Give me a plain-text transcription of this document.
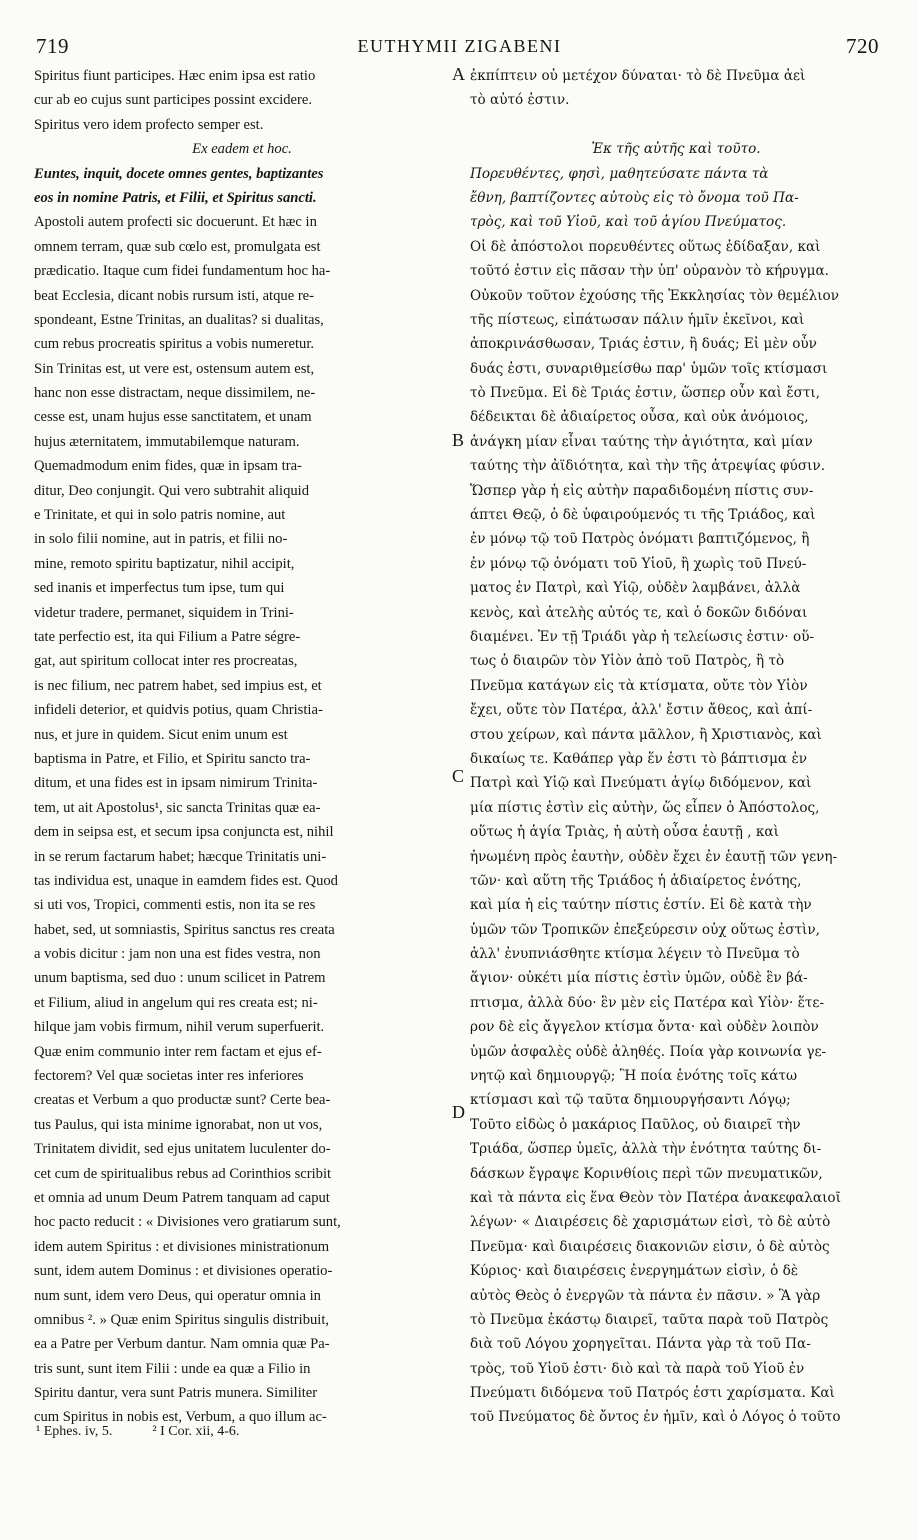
719	EUTHYMII ZIGABENI	720
Spiritus fiunt participes. Hæc enim ipsa est ratio
cur ab eo cujus sunt participes possint excidere.
Spiritus vero idem profecto semper est.
Ex eadem et hoc.
Euntes, inquit, docete omnes gentes, baptizantes
eos in nomine Patris, et Filii, et Spiritus sancti.
Apostoli autem profecti sic docuerunt. Et hæc in
omnem terram, quæ sub cœlo est, promulgata est
prædicatio. Itaque cum fidei fundamentum hoc ha-
beat Ecclesia, dicant nobis rursum isti, atque re-
spondeant, Estne Trinitas, an dualitas? si dualitas,
cum rebus procreatis spiritus a vobis numeretur.
Sin Trinitas est, ut vere est, ostensum autem est,
hanc non esse distractam, neque dissimilem, ne-
cesse est, unam hujus esse sanctitatem, et unam
hujus æternitatem, immutabilemque naturam.
Quemadmodum enim fides, quæ in ipsam tra-
ditur, Deo conjungit. Qui vero subtrahit aliquid
e Trinitate, et qui in solo patris nomine, aut
in solo filii nomine, aut in patris, et filii no-
mine, remoto spiritu baptizatur, nihil accipit,
sed inanis et imperfectus tum ipse, tum qui
videtur tradere, permanet, siquidem in Trini-
tate perfectio est, ita qui Filium a Patre ségre-
gat, aut spiritum collocat inter res procreatas,
is nec filium, nec patrem habet, sed impius est, et
infideli deterior, et quidvis potius, quam Christia-
nus, et jure in quidem. Sicut enim unum est
baptisma in Patre, et Filio, et Spiritu sancto tra-
ditum, et una fides est in ipsam nimirum Trinita-
tem, ut ait Apostolus¹, sic sancta Trinitas quæ ea-
dem in seipsa est, et secum ipsa conjuncta est, nihil
in se rerum factarum habet; hæcque Trinitatis uni-
tas individua est, unaque in eamdem fides est. Quod
si uti vos, Tropici, commenti estis, non ita se res
habet, sed, ut somniastis, Spiritus sanctus res creata
a vobis dicitur : jam non una est fides vestra, non
unum baptisma, sed duo : unum scilicet in Patrem
et Filium, aliud in angelum qui res creata est; ni-
hilque jam vobis firmum, nihil verum superfuerit.
Quæ enim communio inter rem factam et ejus ef-
fectorem? Vel quæ societas inter res inferiores
creatas et Verbum a quo productæ sunt? Certe bea-
tus Paulus, qui ista minime ignorabat, non ut vos,
Trinitatem dividit, sed ejus unitatem luculenter do-
cet cum de spiritualibus rebus ad Corinthios scribit
et omnia ad unum Deum Patrem tanquam ad caput
hoc pacto reducit : « Divisiones vero gratiarum sunt,
idem autem Spiritus : et divisiones ministrationum
sunt, idem autem Dominus : et divisiones operatio-
num sunt, idem vero Deus, qui operatur omnia in
omnibus ². » Quæ enim Spiritus singulis distribuit,
ea a Patre per Verbum dantur. Nam omnia quæ Pa-
tris sunt, sunt item Filii : unde ea quæ a Filio in
Spiritu dantur, vera sunt Patris munera. Similiter
cum Spiritus in nobis est, Verbum, a quo illum ac-
ἐκπίπτειν οὐ μετέχον δύναται· τὸ δὲ Πνεῦμα ἀεὶ
τὸ αὐτό ἐστιν.
Ἐκ τῆς αὐτῆς καὶ τοῦτο.
Πορευθέντες, φησὶ, μαθητεύσατε πάντα τὰ
ἔθνη, βαπτίζοντες αὐτοὺς εἰς τὸ ὄνομα τοῦ Πα-
τρὸς, καὶ τοῦ Υἱοῦ, καὶ τοῦ ἁγίου Πνεύματος.
Οἱ δὲ ἀπόστολοι πορευθέντες οὕτως ἐδίδαξαν, καὶ
τοῦτό ἐστιν εἰς πᾶσαν τὴν ὑπ' οὐρανὸν τὸ κήρυγμα.
Οὐκοῦν τοῦτον ἐχούσης τῆς Ἐκκλησίας τὸν θεμέλιον
τῆς πίστεως, εἰπάτωσαν πάλιν ἡμῖν ἐκεῖνοι, καὶ
ἀποκρινάσθωσαν, Τριάς ἐστιν, ἢ δυάς; Εἰ μὲν οὖν
δυάς ἐστι, συναριθμείσθω παρ' ὑμῶν τοῖς κτίσμασι
τὸ Πνεῦμα. Εἰ δὲ Τριάς ἐστιν, ὥσπερ οὖν καὶ ἔστι,
δέδεικται δὲ ἀδιαίρετος οὖσα, καὶ οὐκ ἀνόμοιος,
ἀνάγκη μίαν εἶναι ταύτης τὴν ἁγιότητα, καὶ μίαν
ταύτης τὴν ἀϊδιότητα, καὶ τὴν τῆς ἀτρεψίας φύσιν.
Ὥσπερ γὰρ ἡ εἰς αὐτὴν παραδιδομένη πίστις συν-
άπτει Θεῷ, ὁ δὲ ὑφαιρούμενός τι τῆς Τριάδος, καὶ
ἐν μόνῳ τῷ τοῦ Πατρὸς ὀνόματι βαπτιζόμενος, ἢ
ἐν μόνῳ τῷ ὀνόματι τοῦ Υἱοῦ, ἢ χωρὶς τοῦ Πνεύ-
ματος ἐν Πατρὶ, καὶ Υἱῷ, οὐδὲν λαμβάνει, ἀλλὰ
κενὸς, καὶ ἀτελὴς αὐτός τε, καὶ ὁ δοκῶν διδόναι
διαμένει. Ἐν τῇ Τριάδι γὰρ ἡ τελείωσις ἐστιν· οὕ-
τως ὁ διαιρῶν τὸν Υἱὸν ἀπὸ τοῦ Πατρὸς, ἢ τὸ
Πνεῦμα κατάγων εἰς τὰ κτίσματα, οὔτε τὸν Υἱὸν
ἔχει, οὔτε τὸν Πατέρα, ἀλλ' ἔστιν ἄθεος, καὶ ἀπί-
στου χείρων, καὶ πάντα μᾶλλον, ἢ Χριστιανὸς, καὶ
δικαίως τε. Καθάπερ γὰρ ἕν ἐστι τὸ βάπτισμα ἐν
Πατρὶ καὶ Υἱῷ καὶ Πνεύματι ἁγίῳ διδόμενον, καὶ
μία πίστις ἐστὶν εἰς αὐτὴν, ὥς εἶπεν ὁ Ἀπόστολος,
οὕτως ἡ ἁγία Τριὰς, ἡ αὐτὴ οὖσα ἑαυτῇ , καὶ
ἡνωμένη πρὸς ἑαυτὴν, οὐδὲν ἔχει ἐν ἑαυτῇ τῶν γενη-
τῶν· καὶ αὕτη τῆς Τριάδος ἡ ἀδιαίρετος ἑνότης,
καὶ μία ἡ εἰς ταύτην πίστις ἐστίν. Εἰ δὲ κατὰ τὴν
ὑμῶν τῶν Τροπικῶν ἐπεξεύρεσιν οὐχ οὕτως ἐστὶν,
ἀλλ' ἐνυπνιάσθητε κτίσμα λέγειν τὸ Πνεῦμα τὸ
ἅγιον· οὐκέτι μία πίστις ἐστὶν ὑμῶν, οὐδὲ ἓν βά-
πτισμα, ἀλλὰ δύο· ἓν μὲν εἰς Πατέρα καὶ Υἱὸν· ἕτε-
ρον δὲ εἰς ἄγγελον κτίσμα ὄντα· καὶ οὐδὲν λοιπὸν
ὑμῶν ἀσφαλὲς οὐδὲ ἀληθές. Ποία γὰρ κοινωνία γε-
νητῷ καὶ δημιουργῷ; Ἢ ποία ἑνότης τοῖς κάτω
κτίσμασι καὶ τῷ ταῦτα δημιουργήσαντι Λόγῳ;
Τοῦτο εἰδὼς ὁ μακάριος Παῦλος, οὐ διαιρεῖ τὴν
Τριάδα, ὥσπερ ὑμεῖς, ἀλλὰ τὴν ἑνότητα ταύτης δι-
δάσκων ἔγραψε Κορινθίοις περὶ τῶν πνευματικῶν,
καὶ τὰ πάντα εἰς ἕνα Θεὸν τὸν Πατέρα ἀνακεφαλαιοῖ
λέγων· « Διαιρέσεις δὲ χαρισμάτων εἰσὶ, τὸ δὲ αὐτὸ
Πνεῦμα· καὶ διαιρέσεις διακονιῶν εἰσιν, ὁ δὲ αὐτὸς
Κύριος· καὶ διαιρέσεις ἐνεργημάτων εἰσὶν, ὁ δὲ
αὐτὸς Θεὸς ὁ ἐνεργῶν τὰ πάντα ἐν πᾶσιν. » Ἃ γὰρ
τὸ Πνεῦμα ἑκάστῳ διαιρεῖ, ταῦτα παρὰ τοῦ Πατρὸς
διὰ τοῦ Λόγου χορηγεῖται. Πάντα γὰρ τὰ τοῦ Πα-
τρὸς, τοῦ Υἱοῦ ἐστι· διὸ καὶ τὰ παρὰ τοῦ Υἱοῦ ἐν
Πνεύματι διδόμενα τοῦ Πατρός ἐστι χαρίσματα. Καὶ
τοῦ Πνεύματος δὲ ὄντος ἐν ἡμῖν, καὶ ὁ Λόγος ὁ τοῦτο
A
B
C
D
¹ Ephes. iv, 5.	² I Cor. xii, 4-6.
